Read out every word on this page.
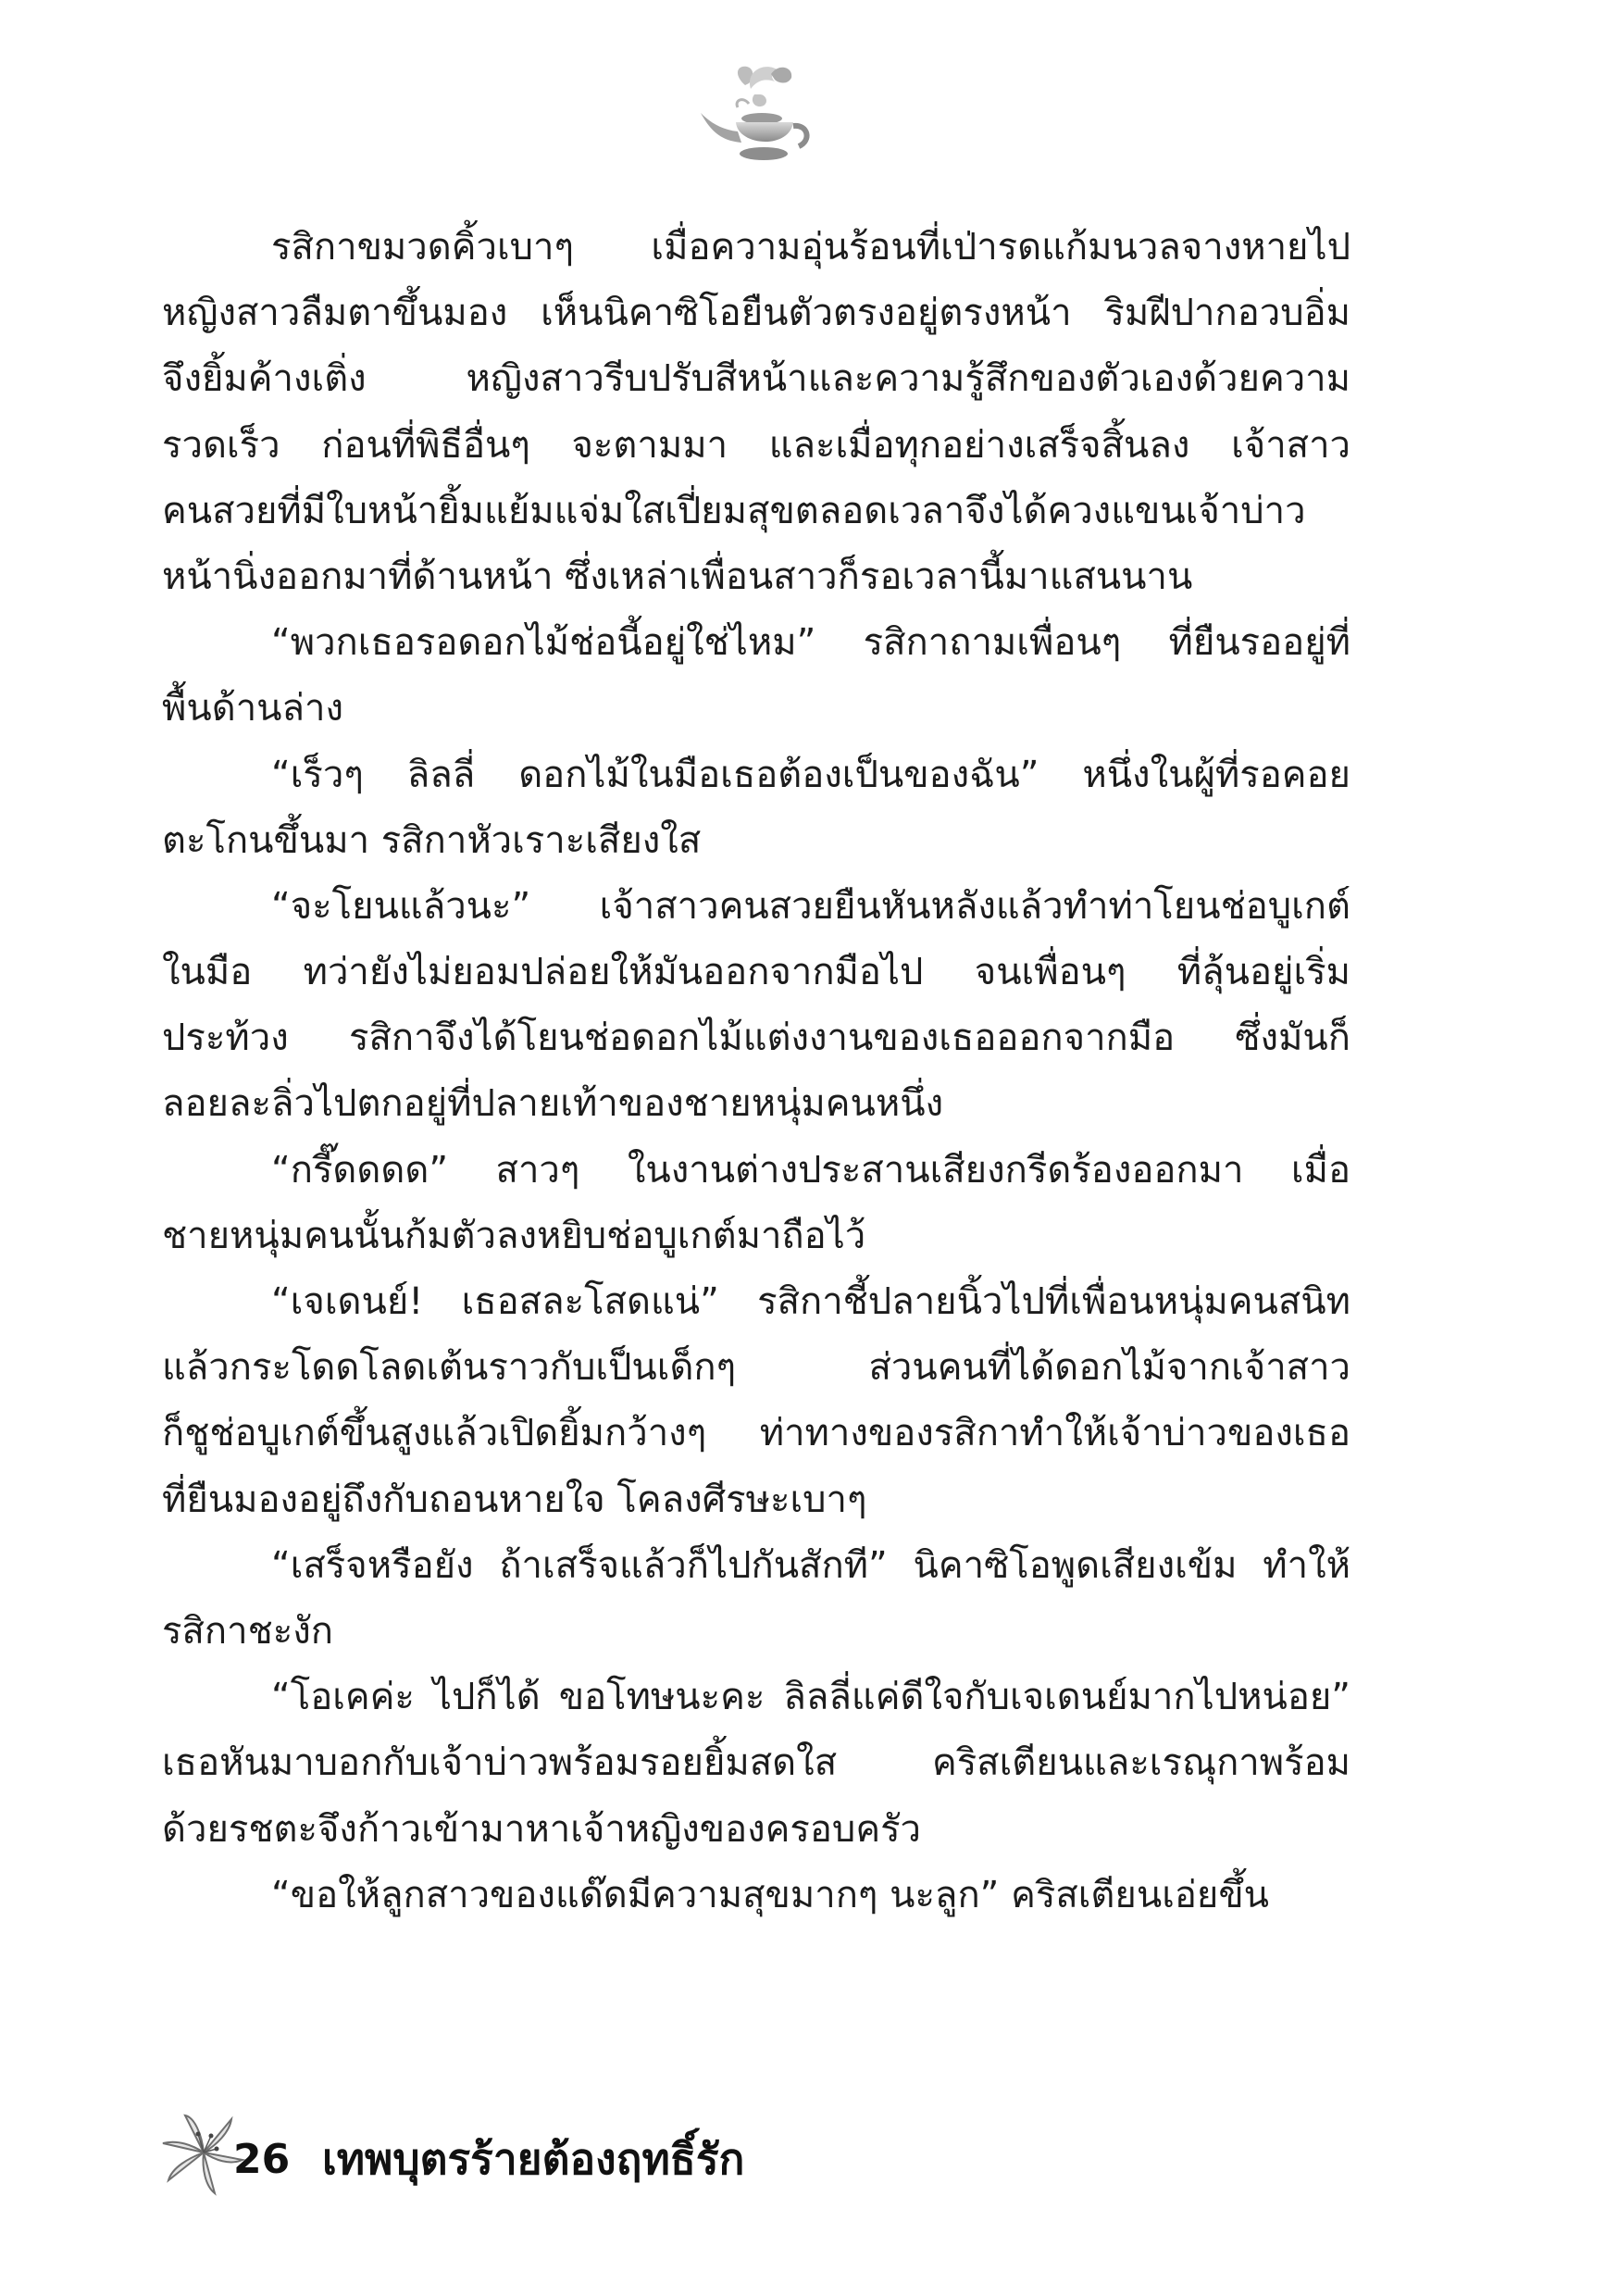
รสิกาขมวดคิ้วเบาๆ เมื่อความอุ่นร้อนที่เป่ารดแก้มนวลจางหายไป
หญิงสาวลืมตาขึ้นมอง เห็นนิคาซิโอยืนตัวตรงอยู่ตรงหน้า ริมฝีปากอวบอิ่ม
จึงยิ้มค้างเติ่ง หญิงสาวรีบปรับสีหน้าและความรู้สึกของตัวเองด้วยความ
รวดเร็ว ก่อนที่พิธีอื่นๆ จะตามมา และเมื่อทุกอย่างเสร็จสิ้นลง เจ้าสาว
คนสวยที่มีใบหน้ายิ้มแย้มแจ่มใสเปี่ยมสุขตลอดเวลาจึงได้ควงแขนเจ้าบ่าว
หน้านิ่งออกมาที่ด้านหน้า ซึ่งเหล่าเพื่อนสาวก็รอเวลานี้มาแสนนาน
“พวกเธอรอดอกไม้ช่อนี้อยู่ใช่ไหม” รสิกาถามเพื่อนๆ ที่ยืนรออยู่ที่
พื้นด้านล่าง
“เร็วๆ ลิลลี่ ดอกไม้ในมือเธอต้องเป็นของฉัน” หนึ่งในผู้ที่รอคอย
ตะโกนขึ้นมา รสิกาหัวเราะเสียงใส
“จะโยนแล้วนะ” เจ้าสาวคนสวยยืนหันหลังแล้วทำท่าโยนช่อบูเกต์
ในมือ ทว่ายังไม่ยอมปล่อยให้มันออกจากมือไป จนเพื่อนๆ ที่ลุ้นอยู่เริ่ม
ประท้วง รสิกาจึงได้โยนช่อดอกไม้แต่งงานของเธอออกจากมือ ซึ่งมันก็
ลอยละลิ่วไปตกอยู่ที่ปลายเท้าของชายหนุ่มคนหนึ่ง
“กรี๊ดดดด” สาวๆ ในงานต่างประสานเสียงกรีดร้องออกมา เมื่อ
ชายหนุ่มคนนั้นก้มตัวลงหยิบช่อบูเกต์มาถือไว้
“เจเดนย์! เธอสละโสดแน่” รสิกาชี้ปลายนิ้วไปที่เพื่อนหนุ่มคนสนิท
แล้วกระโดดโลดเต้นราวกับเป็นเด็กๆ ส่วนคนที่ได้ดอกไม้จากเจ้าสาว
ก็ชูช่อบูเกต์ขึ้นสูงแล้วเปิดยิ้มกว้างๆ ท่าทางของรสิกาทำให้เจ้าบ่าวของเธอ
ที่ยืนมองอยู่ถึงกับถอนหายใจ โคลงศีรษะเบาๆ
“เสร็จหรือยัง ถ้าเสร็จแล้วก็ไปกันสักที” นิคาซิโอพูดเสียงเข้ม ทำให้
รสิกาชะงัก
“โอเคค่ะ ไปก็ได้ ขอโทษนะคะ ลิลลี่แค่ดีใจกับเจเดนย์มากไปหน่อย”
เธอหันมาบอกกับเจ้าบ่าวพร้อมรอยยิ้มสดใส คริสเตียนและเรณุกาพร้อม
ด้วยรชตะจึงก้าวเข้ามาหาเจ้าหญิงของครอบครัว
“ขอให้ลูกสาวของแด๊ดมีความสุขมากๆ นะลูก” คริสเตียนเอ่ยขึ้น
26 เทพบุตรร้ายต้องฤทธิ์รัก
